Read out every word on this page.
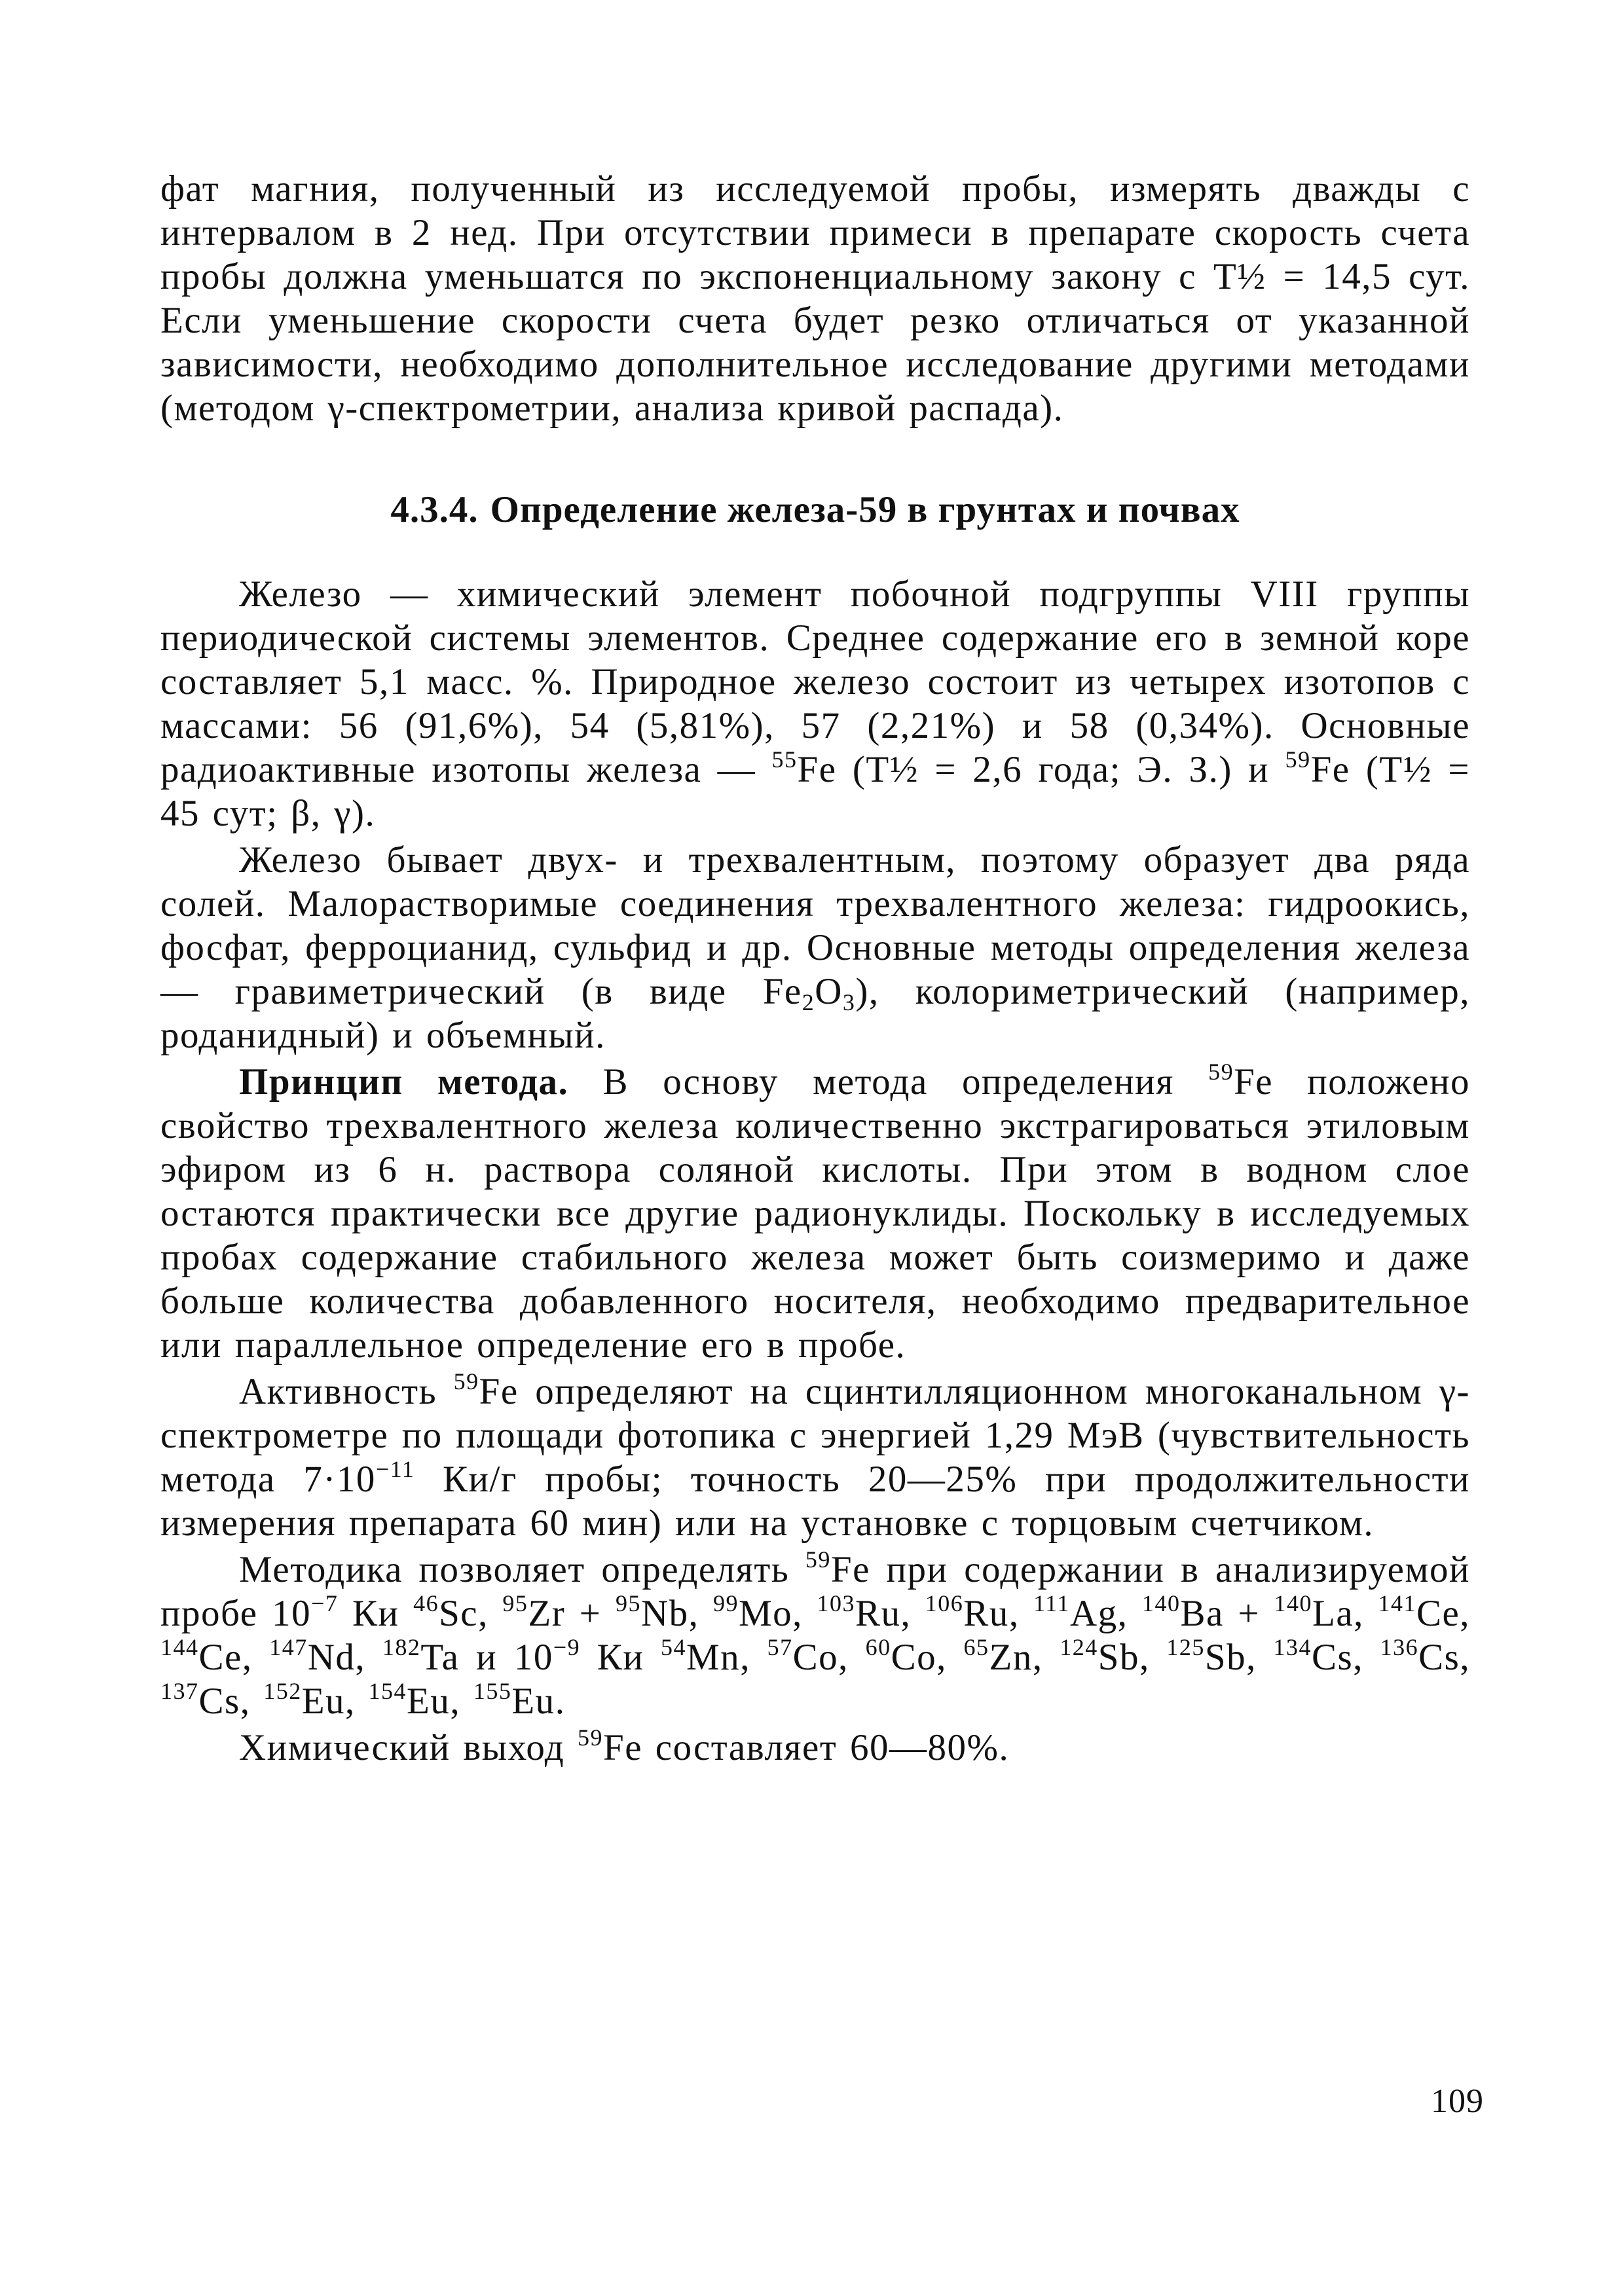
фат магния, полученный из исследуемой пробы, измерять дважды с интервалом в 2 нед. При отсутствии примеси в препарате скорость счета пробы должна уменьшатся по экспоненциальному закону с T½ = 14,5 сут. Если уменьшение скорости счета будет резко отличаться от указанной зависимости, необходимо дополнительное исследование другими методами (методом γ-спектрометрии, анализа кривой распада).

4.3.4. Определение железа-59 в грунтах и почвах

Железо — химический элемент побочной подгруппы VIII группы периодической системы элементов. Среднее содержание его в земной коре составляет 5,1 масс. %. Природное железо состоит из четырех изотопов с массами: 56 (91,6%), 54 (5,81%), 57 (2,21%) и 58 (0,34%). Основные радиоактивные изотопы железа — $^{55}$Fe (T½ = 2,6 года; Э. З.) и $^{59}$Fe (T½ = 45 сут; β, γ).

Железо бывает двух- и трехвалентным, поэтому образует два ряда солей. Малорастворимые соединения трехвалентного железа: гидроокись, фосфат, ферроцианид, сульфид и др. Основные методы определения железа — гравиметрический (в виде $Fe_2O_3$), колориметрический (например, роданидный) и объемный.

Принцип метода. В основу метода определения $^{59}$Fe положено свойство трехвалентного железа количественно экстрагироваться этиловым эфиром из 6 н. раствора соляной кислоты. При этом в водном слое остаются практически все другие радионуклиды. Поскольку в исследуемых пробах содержание стабильного железа может быть соизмеримо и даже больше количества добавленного носителя, необходимо предварительное или параллельное определение его в пробе.

Активность $^{59}$Fe определяют на сцинтилляционном многоканальном γ-спектрометре по площади фотопика с энергией 1,29 МэВ (чувствительность метода $7\cdot 10^{-11}$ Ки/г пробы; точность 20—25% при продолжительности измерения препарата 60 мин) или на установке с торцовым счетчиком.

Методика позволяет определять $^{59}$Fe при содержании в анализируемой пробе $10^{-7}$ Ки $^{46}$Sc, $^{95}$Zr + $^{95}$Nb, $^{99}$Mo, $^{103}$Ru, $^{106}$Ru, $^{111}$Ag, $^{140}$Ba + $^{140}$La, $^{141}$Ce, $^{144}$Ce, $^{147}$Nd, $^{182}$Ta и $10^{-9}$ Ки $^{54}$Mn, $^{57}$Co, $^{60}$Co, $^{65}$Zn, $^{124}$Sb, $^{125}$Sb, $^{134}$Cs, $^{136}$Cs, $^{137}$Cs, $^{152}$Eu, $^{154}$Eu, $^{155}$Eu.

Химический выход $^{59}$Fe составляет 60—80%.

109
